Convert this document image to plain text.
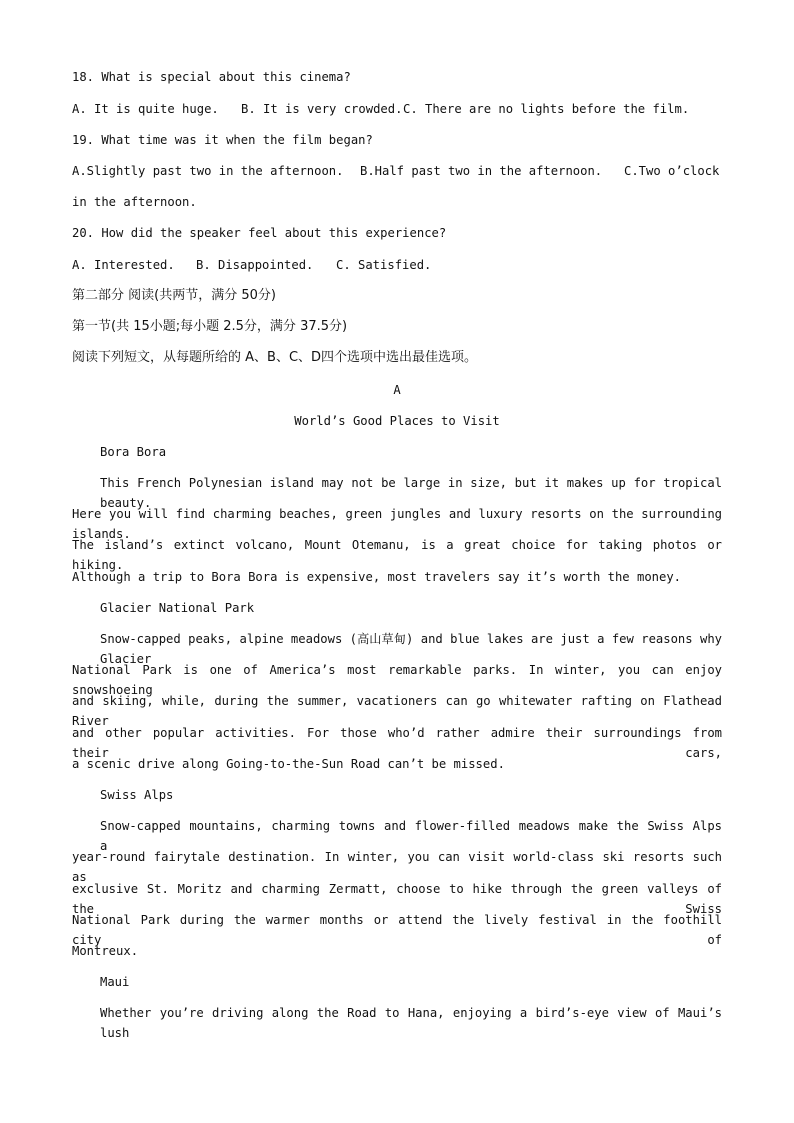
18. What is special about this cinema?
A. It is quite huge. B. It is very crowded.C. There are no lights before the film.
19. What time was it when the film began?
A.Slightly past two in the afternoon. B.Half past two in the afternoon. C.Two o’clock
in the afternoon.
20. How did the speaker feel about this experience?
A. Interested. B. Disappointed. C. Satisfied.
第二部分 阅读(共两节，满分 50分)
第一节(共 15小题;每小题 2.5分，满分 37.5分)
阅读下列短文，从每题所给的 A、B、C、D四个选项中选出最佳选项。
A
World’s Good Places to Visit
Bora Bora
This French Polynesian island may not be large in size, but it makes up for tropical beauty.
Here you will find charming beaches, green jungles and luxury resorts on the surrounding islands.
The island’s extinct volcano, Mount Otemanu, is a great choice for taking photos or hiking.
Although a trip to Bora Bora is expensive, most travelers say it’s worth the money.
Glacier National Park
Snow-capped peaks, alpine meadows (高山草甸) and blue lakes are just a few reasons why Glacier
National Park is one of America’s most remarkable parks. In winter, you can enjoy snowshoeing
and skiing, while, during the summer, vacationers can go whitewater rafting on Flathead River
and other popular activities. For those who’d rather admire their surroundings from their cars,
a scenic drive along Going-to-the-Sun Road can’t be missed.
Swiss Alps
Snow-capped mountains, charming towns and flower-filled meadows make the Swiss Alps a
year-round fairytale destination. In winter, you can visit world-class ski resorts such as
exclusive St. Moritz and charming Zermatt, choose to hike through the green valleys of the Swiss
National Park during the warmer months or attend the lively festival in the foothill city of
Montreux.
Maui
Whether you’re driving along the Road to Hana, enjoying a bird’s-eye view of Maui’s lush
